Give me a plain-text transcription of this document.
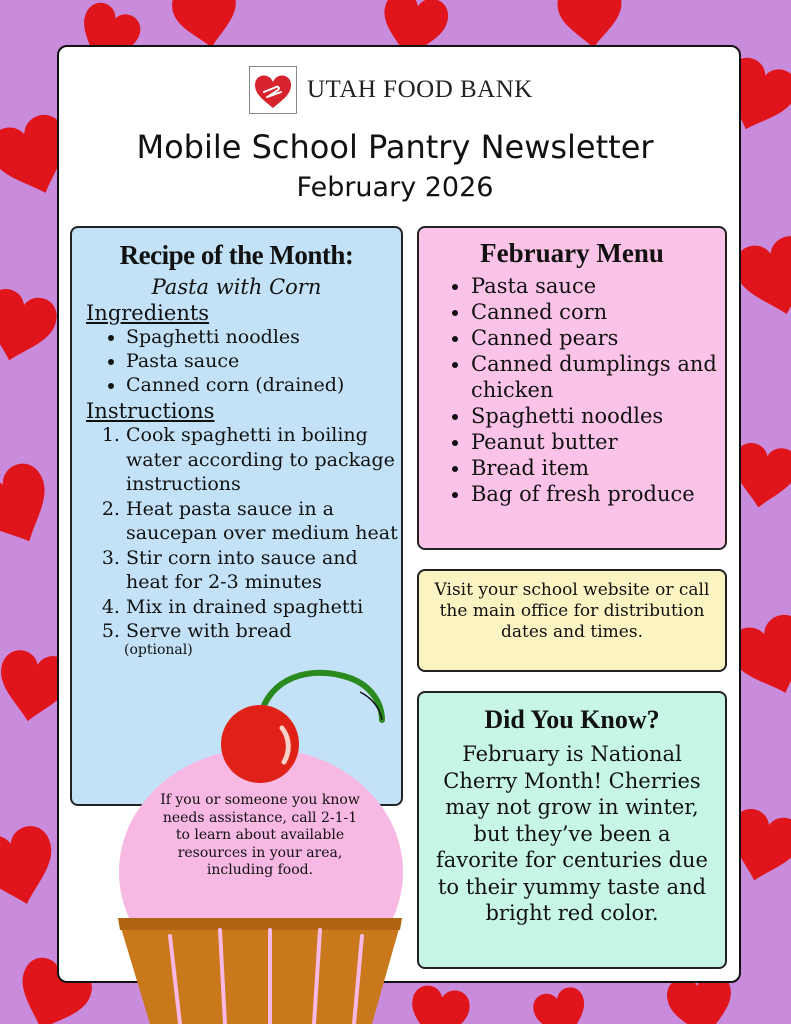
UTAH FOOD BANK
Mobile School Pantry Newsletter
February 2026
Recipe of the Month:
Pasta with Corn
Ingredients
• Spaghetti noodles
• Pasta sauce
• Canned corn (drained)
Instructions
1. Cook spaghetti in boiling water according to package instructions
2. Heat pasta sauce in a saucepan over medium heat
3. Stir corn into sauce and heat for 2-3 minutes
4. Mix in drained spaghetti
5. Serve with bread
(optional)
February Menu
• Pasta sauce
• Canned corn
• Canned pears
• Canned dumplings and chicken
• Spaghetti noodles
• Peanut butter
• Bread item
• Bag of fresh produce
Visit your school website or call the main office for distribution dates and times.
Did You Know?
February is National Cherry Month! Cherries may not grow in winter, but they’ve been a favorite for centuries due to their yummy taste and bright red color.
If you or someone you know needs assistance, call 2-1-1 to learn about available resources in your area, including food.
